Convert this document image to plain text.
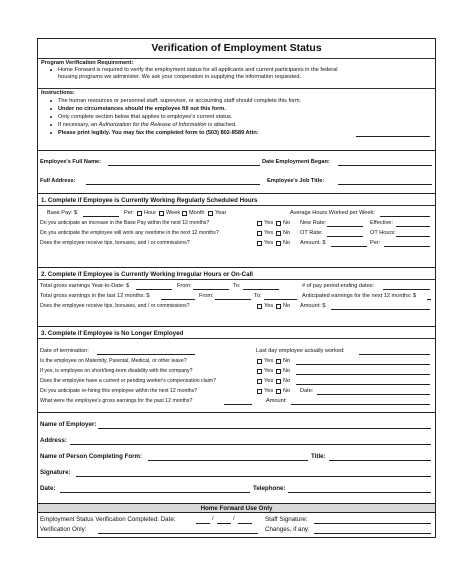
Verification of Employment Status
Program Verification Requirement:
Home Forward is required to verify the employment status for all applicants and current participants in the federal
housing programs we administer. We ask your cooperation in supplying the information requested.
Instructions:
The human resources or personnel staff, supervisor, or accounting staff should complete this form.
Under no circumstances should the employee fill out this form.
Only complete section below that applies to employee's current status.
If necessary, an Authorization for the Release of Information is attached.
Please print legibly. You may fax the completed form to (503) 802-8589 Attn:
Employee's Full Name:	Date Employment Began:
Full Address:	Employee's Job Title:
1. Complete if Employee is Currently Working Regularly Scheduled Hours
Base Pay: $	Per: Hour Week Month Year	Average Hours Worked per Week:
Do you anticipate an increase in the Base Pay within the next 12 months?	Yes No New Rate:	Effective:
Do you anticipate the employee will work any overtime in the next 12 months?	Yes No OT Rate:	OT Hours:
Does the employee receive tips, bonuses, and / or commissions?	Yes No Amount: $	Per:
2. Complete if Employee is Currently Working Irregular Hours or On-Call
Total gross earnings Year-to-Date: $	From:	To:	# of pay period ending dates:
Total gross earnings in the last 12 months: $	From:	To:	Anticipated earnings for the next 12 months: $
Does the employee receive tips, bonuses, and / or commissions?	Yes No Amount: $
3. Complete if Employee is No Longer Employed
Date of termination:	Last day employee actually worked:
Is the employee on Maternity, Parental, Medical, or other leave?	Yes No
If yes, is employee on short/long-term disability with the company?	Yes No
Does the employee have a current or pending worker's compensation claim?	Yes No
Do you anticipate re-hiring this employee within the next 12 months?	Yes No Date:
What were the employee's gross earnings for the past 12 months?	Amount:
Name of Employer:
Address:
Name of Person Completing Form:	Title:
Signature:
Date:	Telephone:
Home Forward Use Only
Employment Status Verification Completed: Date:	/	/	Staff Signature:
Verification Only:	Changes, if any:
